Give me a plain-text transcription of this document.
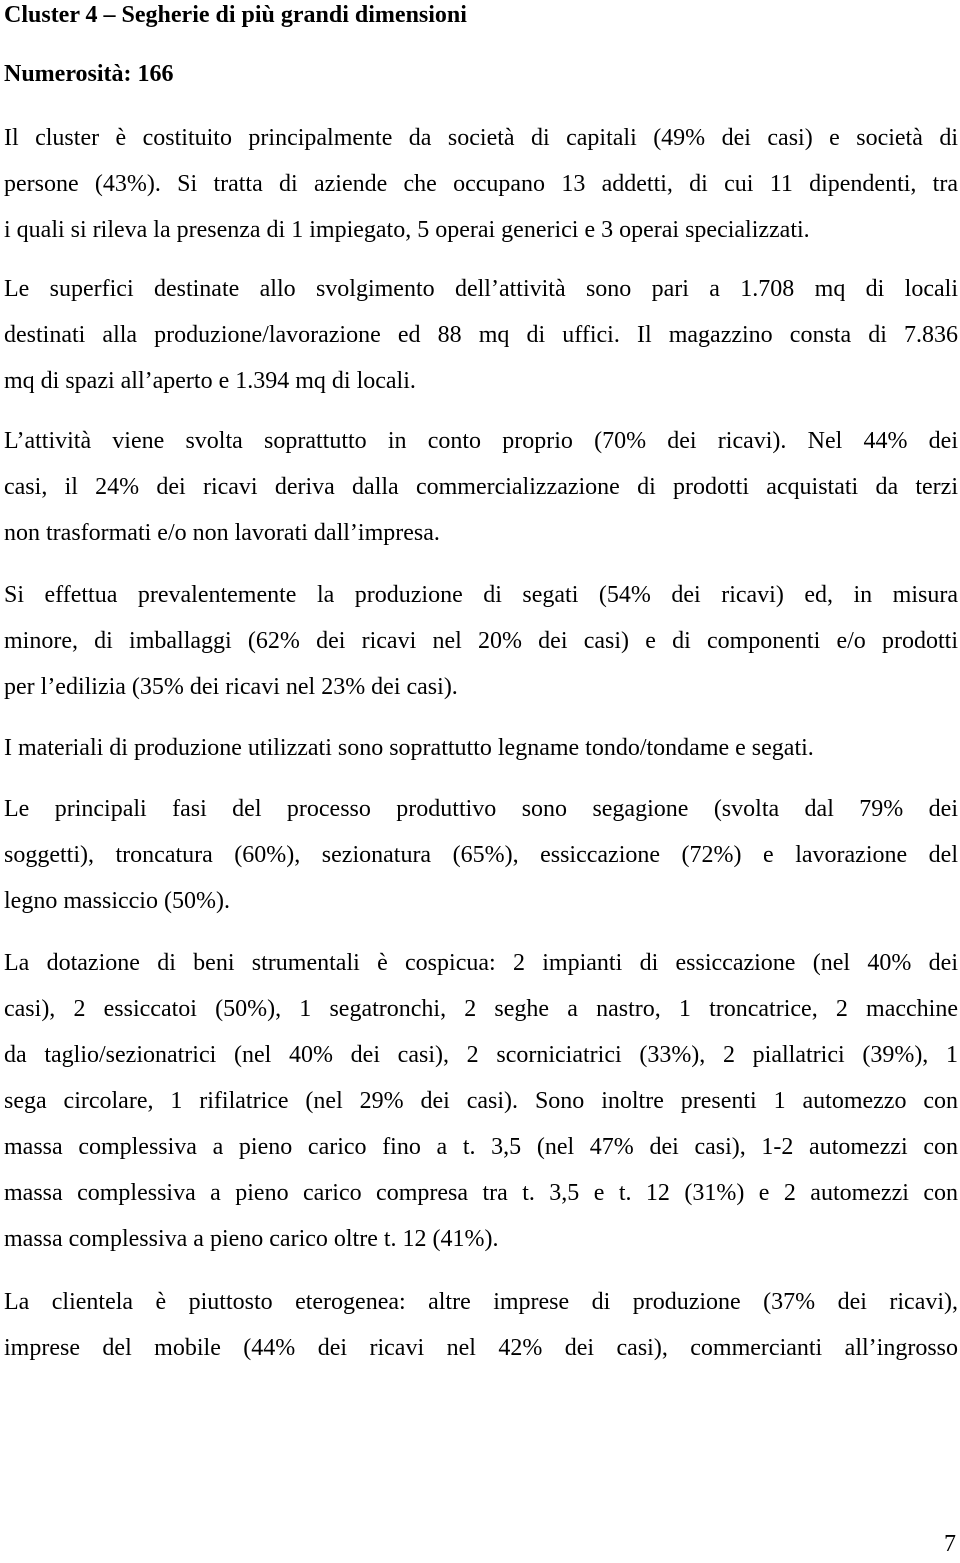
Cluster 4 – Segherie di più grandi dimensioni
Numerosità: 166

Il cluster è costituito principalmente da società di capitali (49% dei casi) e società di
persone (43%). Si tratta di aziende che occupano 13 addetti, di cui 11 dipendenti, tra
i quali si rileva la presenza di 1 impiegato, 5 operai generici e 3 operai specializzati.

Le superfici destinate allo svolgimento dell’attività sono pari a 1.708 mq di locali
destinati alla produzione/lavorazione ed 88 mq di uffici. Il magazzino consta di 7.836
mq di spazi all’aperto e 1.394 mq di locali.

L’attività viene svolta soprattutto in conto proprio (70% dei ricavi). Nel 44% dei
casi, il 24% dei ricavi deriva dalla commercializzazione di prodotti acquistati da terzi
non trasformati e/o non lavorati dall’impresa.

Si effettua prevalentemente la produzione di segati (54% dei ricavi) ed, in misura
minore, di imballaggi (62% dei ricavi nel 20% dei casi) e di componenti e/o prodotti
per l’edilizia (35% dei ricavi nel 23% dei casi).

I materiali di produzione utilizzati sono soprattutto legname tondo/tondame e segati.

Le principali fasi del processo produttivo sono segagione (svolta dal 79% dei
soggetti), troncatura (60%), sezionatura (65%), essiccazione (72%) e lavorazione del
legno massiccio (50%).

La dotazione di beni strumentali è cospicua: 2 impianti di essiccazione (nel 40% dei
casi), 2 essiccatoi (50%), 1 segatronchi, 2 seghe a nastro, 1 troncatrice, 2 macchine
da taglio/sezionatrici (nel 40% dei casi), 2 scorniciatrici (33%), 2 piallatrici (39%), 1
sega circolare, 1 rifilatrice (nel 29% dei casi). Sono inoltre presenti 1 automezzo con
massa complessiva a pieno carico fino a t. 3,5 (nel 47% dei casi), 1-2 automezzi con
massa complessiva a pieno carico compresa tra t. 3,5 e t. 12 (31%) e 2 automezzi con
massa complessiva a pieno carico oltre t. 12 (41%).

La clientela è piuttosto eterogenea: altre imprese di produzione (37% dei ricavi),
imprese del mobile (44% dei ricavi nel 42% dei casi), commercianti all’ingrosso

7
